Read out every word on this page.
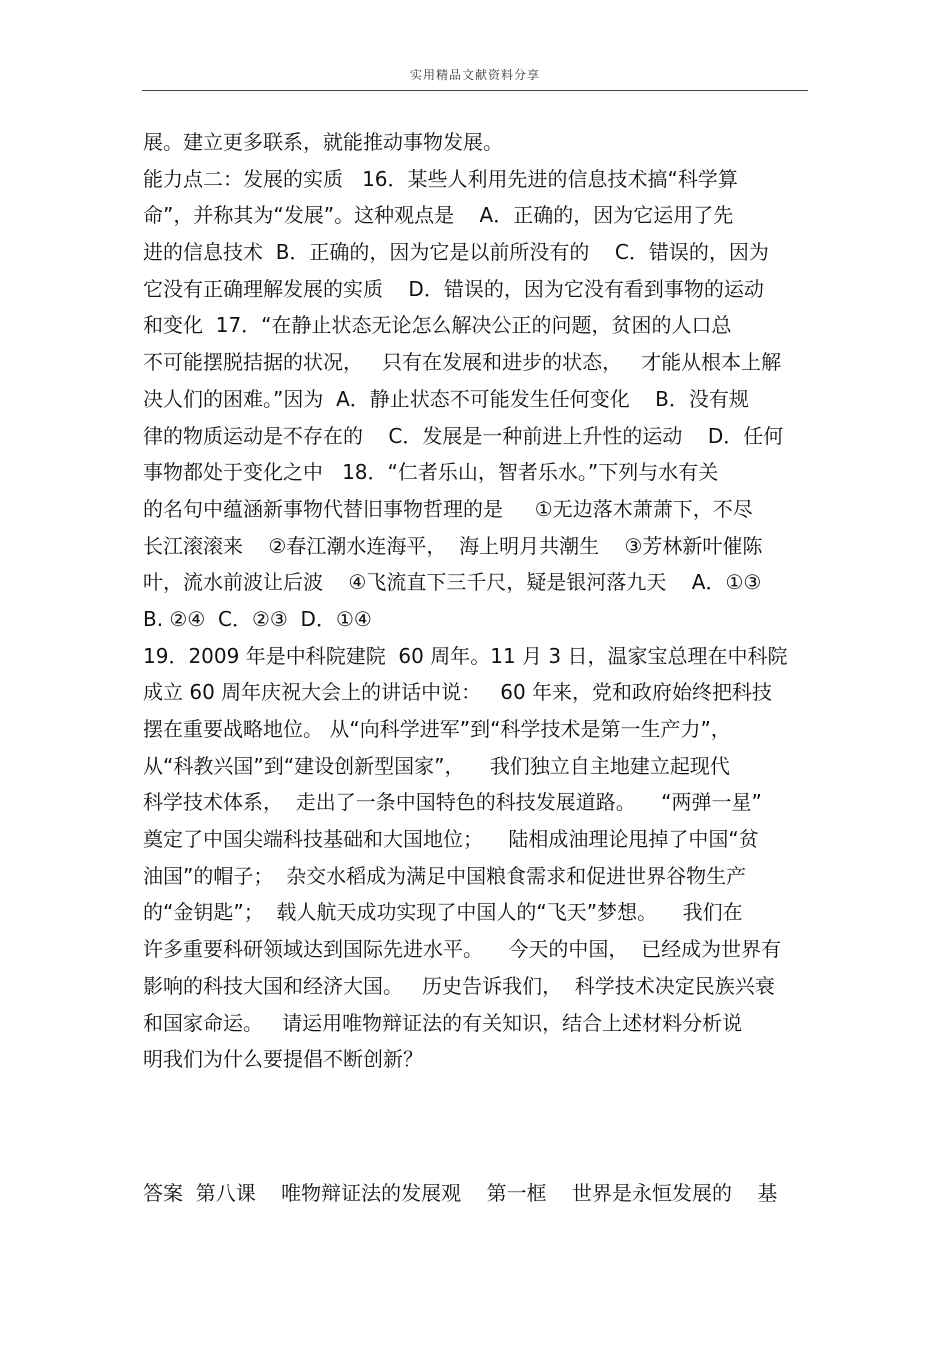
实用精品文献资料分享
展。建立更多联系，就能推动事物发展。
能力点二：发展的实质   16．某些人利用先进的信息技术搞“科学算
命”，并称其为“发展”。这种观点是    A．正确的，因为它运用了先
进的信息技术  B．正确的，因为它是以前所没有的    C．错误的，因为
它没有正确理解发展的实质    D．错误的，因为它没有看到事物的运动
和变化  17．“在静止状态无论怎么解决公正的问题，贫困的人口总
不可能摆脱拮据的状况，   只有在发展和进步的状态，   才能从根本上解
决人们的困难。”因为  A．静止状态不可能发生任何变化    B．没有规
律的物质运动是不存在的    C．发展是一种前进上升性的运动    D．任何
事物都处于变化之中   18．“仁者乐山，智者乐水。”下列与水有关
的名句中蕴涵新事物代替旧事物哲理的是     ①无边落木萧萧下，不尽
长江滚滚来    ②春江潮水连海平，  海上明月共潮生    ③芳林新叶催陈
叶，流水前波让后波    ④飞流直下三千尺，疑是银河落九天    A．①③
B. ②④  C．②③  D．①④
19．2009 年是中科院建院  60 周年。11 月 3 日，温家宝总理在中科院
成立 60 周年庆祝大会上的讲话中说：   60 年来，党和政府始终把科技
摆在重要战略地位。 从“向科学进军”到“科学技术是第一生产力”，
从“科教兴国”到“建设创新型国家”，    我们独立自主地建立起现代
科学技术体系，  走出了一条中国特色的科技发展道路。    “两弹一星”
奠定了中国尖端科技基础和大国地位；    陆相成油理论甩掉了中国“贫
油国”的帽子；  杂交水稻成为满足中国粮食需求和促进世界谷物生产
的“金钥匙”；  载人航天成功实现了中国人的“飞天”梦想。    我们在
许多重要科研领域达到国际先进水平。    今天的中国，  已经成为世界有
影响的科技大国和经济大国。   历史告诉我们，  科学技术决定民族兴衰
和国家命运。   请运用唯物辩证法的有关知识，结合上述材料分析说
明我们为什么要提倡不断创新？
答案  第八课    唯物辩证法的发展观    第一框    世界是永恒发展的    基
